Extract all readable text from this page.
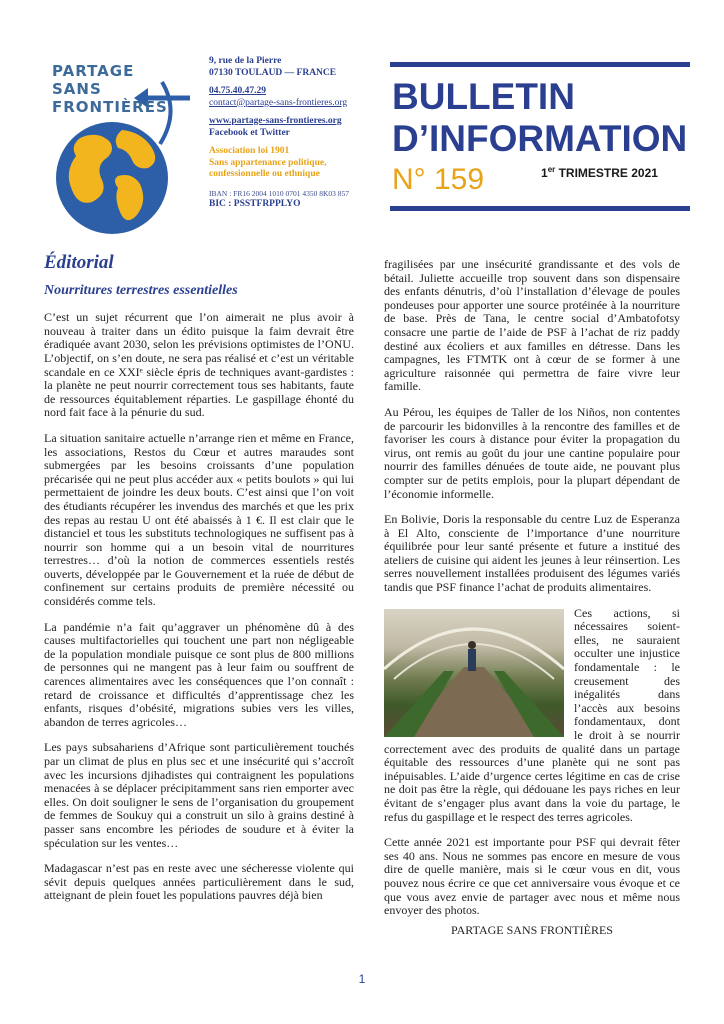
PARTAGE
SANS
FRONTIÈRES
9, rue de la Pierre
07130 TOULAUD — FRANCE
04.75.40.47.29
contact@partage-sans-frontieres.org
www.partage-sans-frontieres.org
Facebook et Twitter
Association loi 1901
Sans appartenance politique,
confessionnelle ou ethnique
IBAN : FR16 2004 1010 0701 4350 8K03 857
BIC : PSSTFRPPLYO
BULLETIN
D’INFORMATION
N° 159	1er TRIMESTRE 2021
Éditorial
Nourritures terrestres essentielles

C’est un sujet récurrent que l’on aimerait ne plus avoir à nouveau à traiter dans un édito puisque la faim devrait être éradiquée avant 2030, selon les prévisions optimistes de l’ONU. L’objectif, on s’en doute, ne sera pas réalisé et c’est un véritable scandale en ce XXIᵉ siècle épris de techniques avant-gardistes : la planète ne peut nourrir correctement tous ses habitants, faute de ressources équitablement réparties. Le gaspillage éhonté du nord fait face à la pénurie du sud.

La situation sanitaire actuelle n’arrange rien et même en France, les associations, Restos du Cœur et autres maraudes sont submergées par les besoins croissants d’une population précarisée qui ne peut plus accéder aux « petits boulots » qui lui permettaient de joindre les deux bouts. C’est ainsi que l’on voit des étudiants récupérer les invendus des marchés et que les prix des repas au restau U ont été abaissés à 1 €. Il est clair que le distanciel et tous les substituts technologiques ne suffisent pas à nourrir son homme qui a un besoin vital de nourritures terrestres… d’où la notion de commerces essentiels restés ouverts, développée par le Gouvernement et la ruée de début de confinement sur certains produits de première nécessité ou considérés comme tels.

La pandémie n’a fait qu’aggraver un phénomène dû à des causes multifactorielles qui touchent une part non négligeable de la population mondiale puisque ce sont plus de 800 millions de personnes qui ne mangent pas à leur faim ou souffrent de carences alimentaires avec les conséquences que l’on connaît : retard de croissance et difficultés d’apprentissage chez les enfants, risques d’obésité, migrations subies vers les villes, abandon de terres agricoles…

Les pays subsahariens d’Afrique sont particulièrement touchés par un climat de plus en plus sec et une insécurité qui s’accroît avec les incursions djihadistes qui contraignent les populations menacées à se déplacer précipitamment sans rien emporter avec elles. On doit souligner le sens de l’organisation du groupement de femmes de Soukuy qui a construit un silo à grains destiné à passer sans encombre les périodes de soudure et à éviter la spéculation sur les ventes…

Madagascar n’est pas en reste avec une sécheresse violente qui sévit depuis quelques années particulièrement dans le sud, atteignant de plein fouet les populations pauvres déjà bien

fragilisées par une insécurité grandissante et des vols de bétail. Juliette accueille trop souvent dans son dispensaire des enfants dénutris, d’où l’installation d’élevage de poules pondeuses pour apporter une source protéinée à la nourriture de base. Près de Tana, le centre social d’Ambatofotsy consacre une partie de l’aide de PSF à l’achat de riz paddy destiné aux écoliers et aux familles en détresse. Dans les campagnes, les FTMTK ont à cœur de se former à une agriculture raisonnée qui permettra de faire vivre leur famille.

Au Pérou, les équipes de Taller de los Niños, non contentes de parcourir les bidonvilles à la rencontre des familles et de favoriser les cours à distance pour éviter la propagation du virus, ont remis au goût du jour une cantine populaire pour nourrir des familles dénuées de toute aide, ne pouvant plus compter sur de petits emplois, pour la plupart dépendant de l’économie informelle.

En Bolivie, Doris la responsable du centre Luz de Esperanza à El Alto, consciente de l’importance d’une nourriture équilibrée pour leur santé présente et future a institué des ateliers de cuisine qui aident les jeunes à leur réinsertion. Les serres nouvellement installées produisent des légumes variés tandis que PSF finance l’achat de produits alimentaires.

Ces actions, si nécessaires soient-elles, ne sauraient occulter une injustice fondamentale : le creusement des inégalités dans l’accès aux besoins fondamentaux, dont le droit à se nourrir correctement avec des produits de qualité dans un partage équitable des ressources d’une planète qui ne sont pas inépuisables. L’aide d’urgence certes légitime en cas de crise ne doit pas être la règle, qui dédouane les pays riches en leur évitant de s’engager plus avant dans la voie du partage, le refus du gaspillage et le respect des terres agricoles.

Cette année 2021 est importante pour PSF qui devrait fêter ses 40 ans. Nous ne sommes pas encore en mesure de vous dire de quelle manière, mais si le cœur vous en dit, vous pouvez nous écrire ce que cet anniversaire vous évoque et ce que vous avez envie de partager avec nous et même nous envoyer des photos.

PARTAGE SANS FRONTIÈRES
1
